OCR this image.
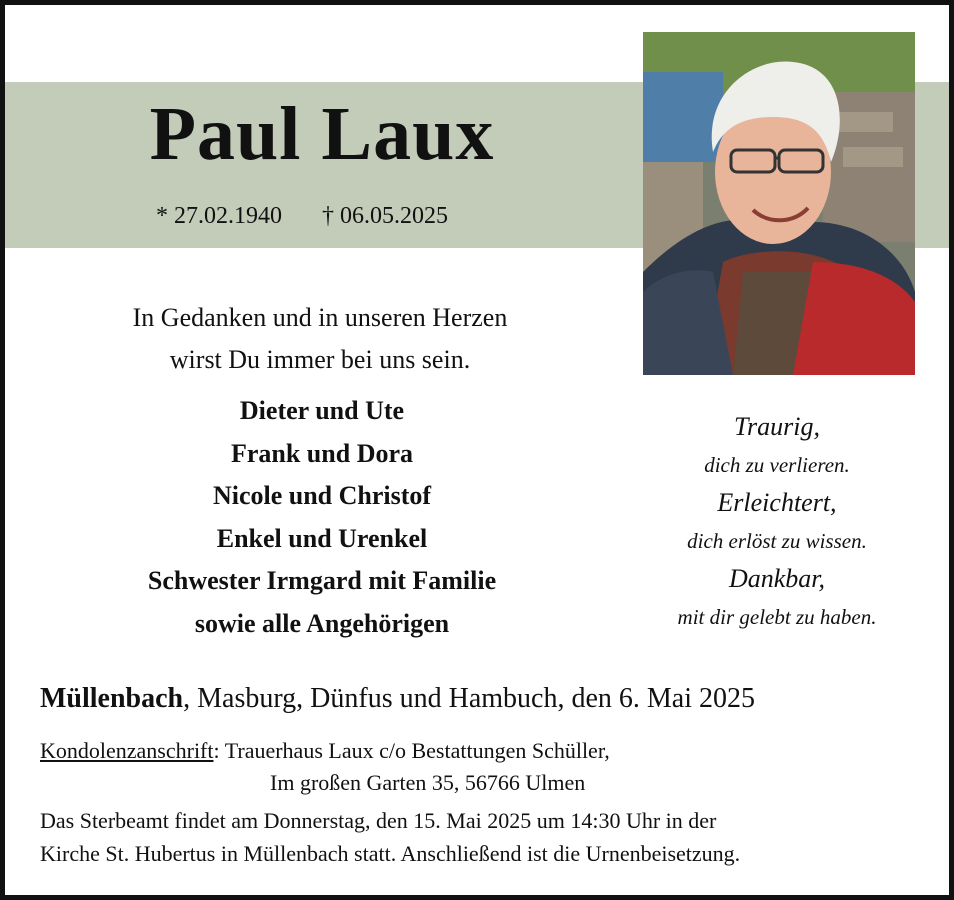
Paul Laux
* 27.02.1940 † 06.05.2025
In Gedanken und in unseren Herzen
wirst Du immer bei uns sein.
Dieter und Ute
Frank und Dora
Nicole und Christof
Enkel und Urenkel
Schwester Irmgard mit Familie
sowie alle Angehörigen
Traurig,
dich zu verlieren.
Erleichtert,
dich erlöst zu wissen.
Dankbar,
mit dir gelebt zu haben.
Müllenbach, Masburg, Dünfus und Hambuch, den 6. Mai 2025
Kondolenzanschrift: Trauerhaus Laux c/o Bestattungen Schüller,
Im großen Garten 35, 56766 Ulmen
Das Sterbeamt findet am Donnerstag, den 15. Mai 2025 um 14:30 Uhr in der
Kirche St. Hubertus in Müllenbach statt. Anschließend ist die Urnenbeisetzung.
